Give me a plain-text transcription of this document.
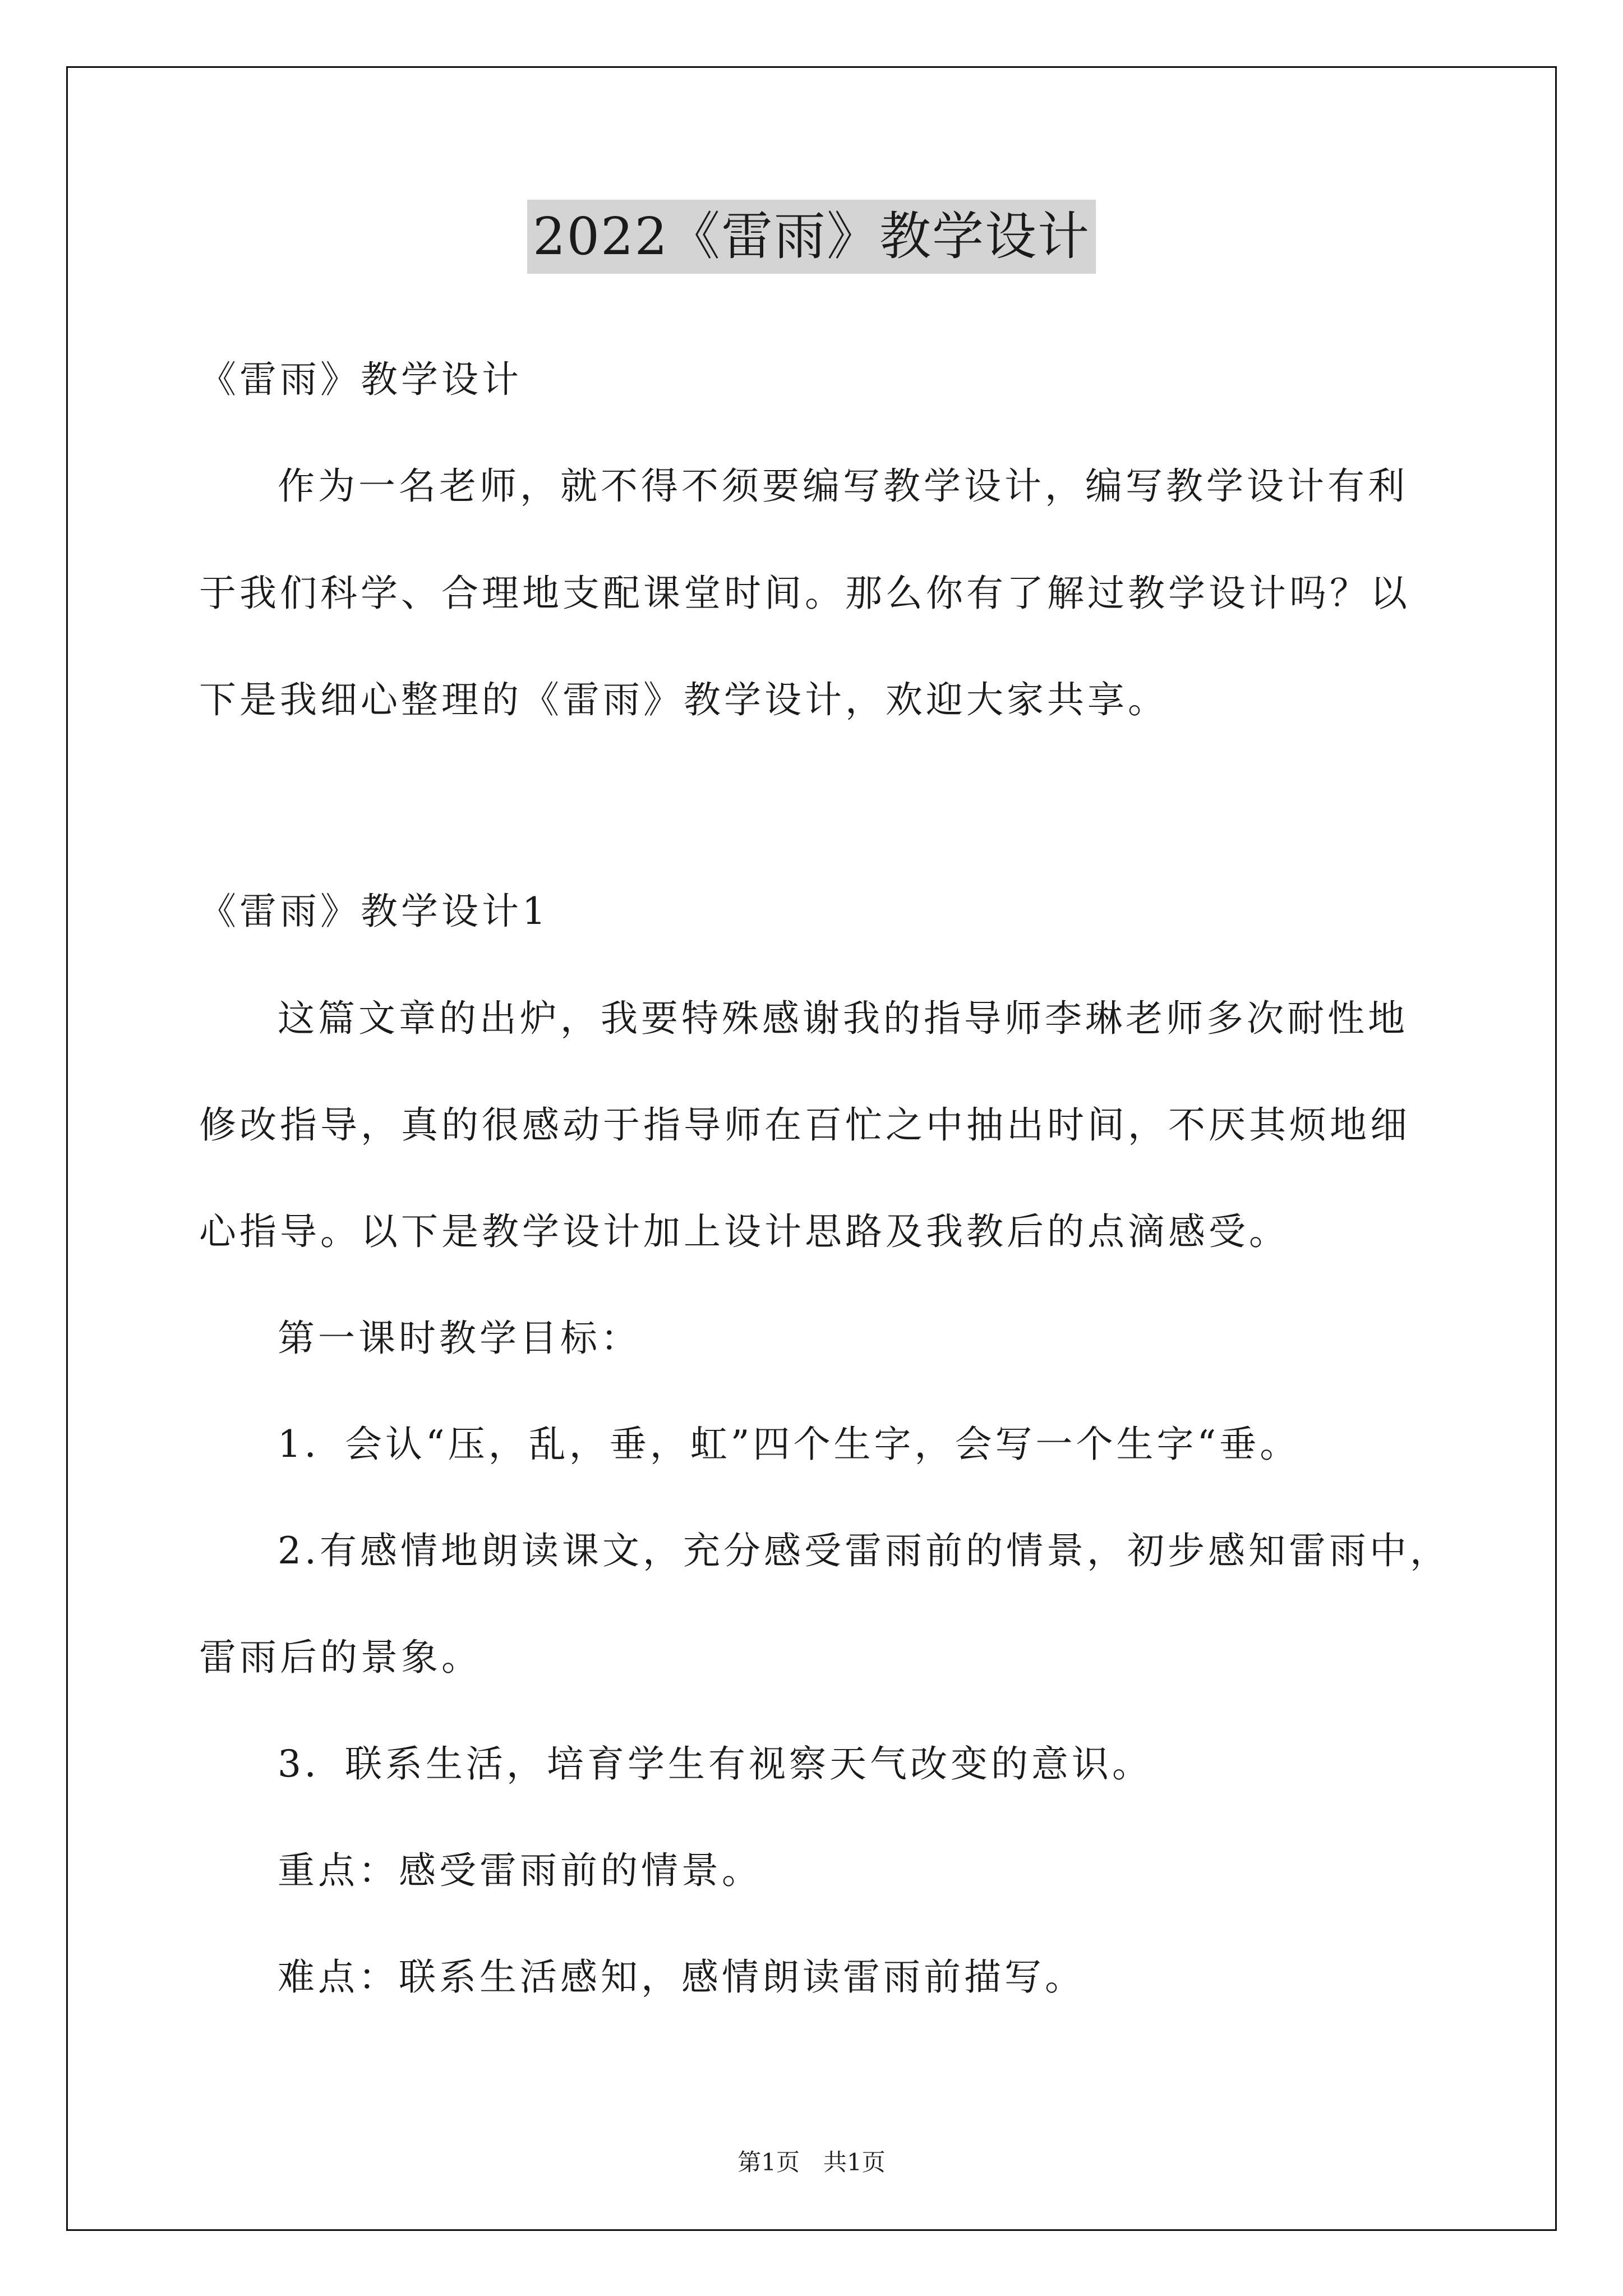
2022《雷雨》教学设计
《雷雨》教学设计
作为一名老师，就不得不须要编写教学设计，编写教学设计有利
于我们科学、合理地支配课堂时间。那么你有了解过教学设计吗？以
下是我细心整理的《雷雨》教学设计，欢迎大家共享。
《雷雨》教学设计1
这篇文章的出炉，我要特殊感谢我的指导师李琳老师多次耐性地
修改指导，真的很感动于指导师在百忙之中抽出时间，不厌其烦地细
心指导。以下是教学设计加上设计思路及我教后的点滴感受。
第一课时教学目标：
1．会认“压，乱，垂，虹”四个生字，会写一个生字“垂。
2.有感情地朗读课文，充分感受雷雨前的情景，初步感知雷雨中，
雷雨后的景象。
3．联系生活，培育学生有视察天气改变的意识。
重点：感受雷雨前的情景。
难点：联系生活感知，感情朗读雷雨前描写。
第1页　共1页
